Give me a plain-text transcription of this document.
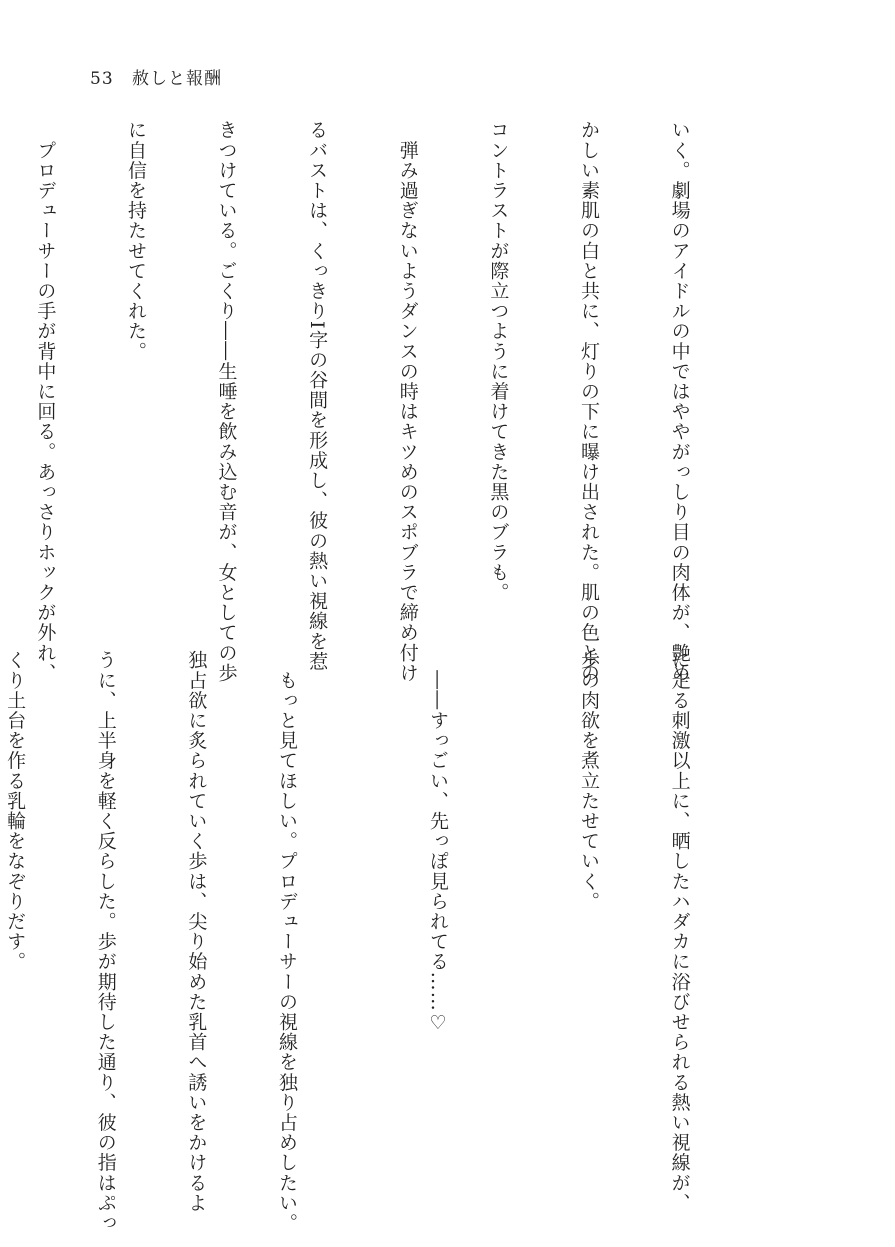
53 赦しと報酬

いく。劇場のアイドルの中ではややがっしり目の肉体が、艶め

かしい素肌の白と共に、灯りの下に曝け出された。肌の色との

コントラストが際立つように着けてきた黒のブラも。

　弾み過ぎないようダンスの時はキツめのスポブラで締め付け

るバストは、くっきりI字の谷間を形成し、彼の熱い視線を惹

きつけている。ごくり――生唾を飲み込む音が、女としての歩

に自信を持たせてくれた。

　プロデューサーの手が背中に回る。あっさりホックが外れ、

に走る刺激以上に、晒したハダカに浴びせられる熱い視線が、

歩の肉欲を煮立たせていく。

　――すっごい、先っぽ見られてる……♡

　もっと見てほしい。プロデューサーの視線を独り占めしたい。

独占欲に炙られていく歩は、尖り始めた乳首へ誘いをかけるよ

うに、上半身を軽く反らした。歩が期待した通り、彼の指はぷっ

くり土台を作る乳輪をなぞりだす。
